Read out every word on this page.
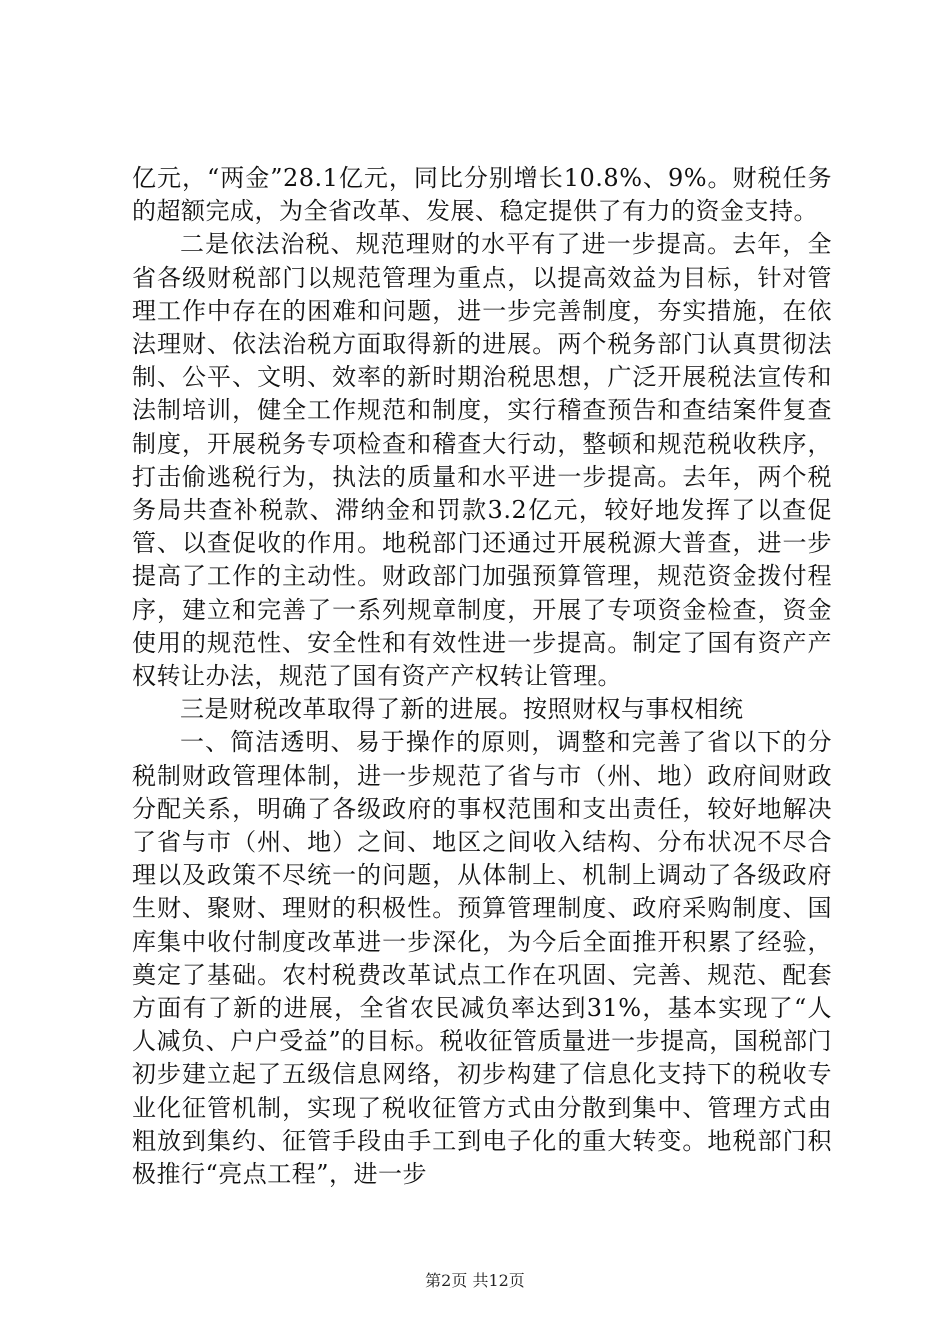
亿元，“两金”28.1亿元，同比分别增长10.8%、9%。财税任务的超额完成，为全省改革、发展、稳定提供了有力的资金支持。

二是依法治税、规范理财的水平有了进一步提高。去年，全省各级财税部门以规范管理为重点，以提高效益为目标，针对管理工作中存在的困难和问题，进一步完善制度，夯实措施，在依法理财、依法治税方面取得新的进展。两个税务部门认真贯彻法制、公平、文明、效率的新时期治税思想，广泛开展税法宣传和法制培训，健全工作规范和制度，实行稽查预告和查结案件复查制度，开展税务专项检查和稽查大行动，整顿和规范税收秩序，打击偷逃税行为，执法的质量和水平进一步提高。去年，两个税务局共查补税款、滞纳金和罚款3.2亿元，较好地发挥了以查促管、以查促收的作用。地税部门还通过开展税源大普查，进一步提高了工作的主动性。财政部门加强预算管理，规范资金拨付程序，建立和完善了一系列规章制度，开展了专项资金检查，资金使用的规范性、安全性和有效性进一步提高。制定了国有资产产权转让办法，规范了国有资产产权转让管理。

三是财税改革取得了新的进展。按照财权与事权相统

一、简洁透明、易于操作的原则，调整和完善了省以下的分税制财政管理体制，进一步规范了省与市（州、地）政府间财政分配关系，明确了各级政府的事权范围和支出责任，较好地解决了省与市（州、地）之间、地区之间收入结构、分布状况不尽合理以及政策不尽统一的问题，从体制上、机制上调动了各级政府生财、聚财、理财的积极性。预算管理制度、政府采购制度、国库集中收付制度改革进一步深化，为今后全面推开积累了经验，奠定了基础。农村税费改革试点工作在巩固、完善、规范、配套方面有了新的进展，全省农民减负率达到31%，基本实现了“人人减负、户户受益”的目标。税收征管质量进一步提高，国税部门初步建立起了五级信息网络，初步构建了信息化支持下的税收专业化征管机制，实现了税收征管方式由分散到集中、管理方式由粗放到集约、征管手段由手工到电子化的重大转变。地税部门积极推行“亮点工程”，进一步

第2页 共12页
